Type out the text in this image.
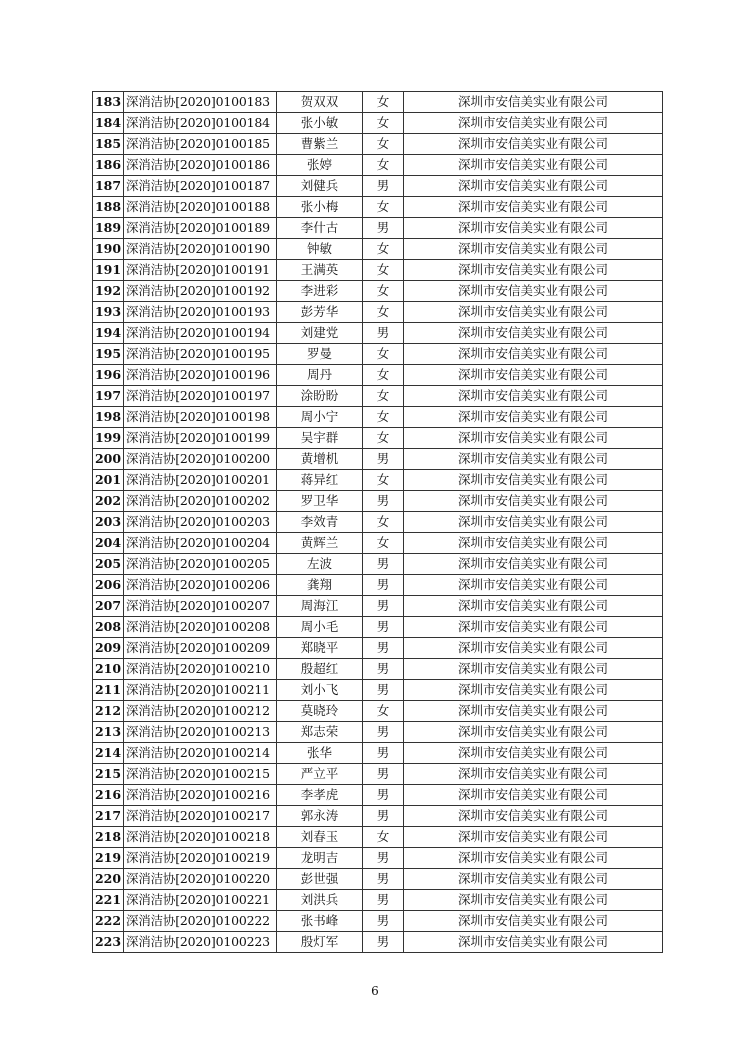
183	深消洁协[2020]0100183	贺双双	女	深圳市安信美实业有限公司
184	深消洁协[2020]0100184	张小敏	女	深圳市安信美实业有限公司
185	深消洁协[2020]0100185	曹紫兰	女	深圳市安信美实业有限公司
186	深消洁协[2020]0100186	张婷	女	深圳市安信美实业有限公司
187	深消洁协[2020]0100187	刘健兵	男	深圳市安信美实业有限公司
188	深消洁协[2020]0100188	张小梅	女	深圳市安信美实业有限公司
189	深消洁协[2020]0100189	李什古	男	深圳市安信美实业有限公司
190	深消洁协[2020]0100190	钟敏	女	深圳市安信美实业有限公司
191	深消洁协[2020]0100191	王满英	女	深圳市安信美实业有限公司
192	深消洁协[2020]0100192	李进彩	女	深圳市安信美实业有限公司
193	深消洁协[2020]0100193	彭芳华	女	深圳市安信美实业有限公司
194	深消洁协[2020]0100194	刘建党	男	深圳市安信美实业有限公司
195	深消洁协[2020]0100195	罗曼	女	深圳市安信美实业有限公司
196	深消洁协[2020]0100196	周丹	女	深圳市安信美实业有限公司
197	深消洁协[2020]0100197	涂盼盼	女	深圳市安信美实业有限公司
198	深消洁协[2020]0100198	周小宁	女	深圳市安信美实业有限公司
199	深消洁协[2020]0100199	吴宇群	女	深圳市安信美实业有限公司
200	深消洁协[2020]0100200	黄增机	男	深圳市安信美实业有限公司
201	深消洁协[2020]0100201	蒋异红	女	深圳市安信美实业有限公司
202	深消洁协[2020]0100202	罗卫华	男	深圳市安信美实业有限公司
203	深消洁协[2020]0100203	李效青	女	深圳市安信美实业有限公司
204	深消洁协[2020]0100204	黄辉兰	女	深圳市安信美实业有限公司
205	深消洁协[2020]0100205	左波	男	深圳市安信美实业有限公司
206	深消洁协[2020]0100206	龚翔	男	深圳市安信美实业有限公司
207	深消洁协[2020]0100207	周海江	男	深圳市安信美实业有限公司
208	深消洁协[2020]0100208	周小毛	男	深圳市安信美实业有限公司
209	深消洁协[2020]0100209	郑晓平	男	深圳市安信美实业有限公司
210	深消洁协[2020]0100210	殷超红	男	深圳市安信美实业有限公司
211	深消洁协[2020]0100211	刘小飞	男	深圳市安信美实业有限公司
212	深消洁协[2020]0100212	莫晓玲	女	深圳市安信美实业有限公司
213	深消洁协[2020]0100213	郑志荣	男	深圳市安信美实业有限公司
214	深消洁协[2020]0100214	张华	男	深圳市安信美实业有限公司
215	深消洁协[2020]0100215	严立平	男	深圳市安信美实业有限公司
216	深消洁协[2020]0100216	李孝虎	男	深圳市安信美实业有限公司
217	深消洁协[2020]0100217	郭永涛	男	深圳市安信美实业有限公司
218	深消洁协[2020]0100218	刘春玉	女	深圳市安信美实业有限公司
219	深消洁协[2020]0100219	龙明吉	男	深圳市安信美实业有限公司
220	深消洁协[2020]0100220	彭世强	男	深圳市安信美实业有限公司
221	深消洁协[2020]0100221	刘洪兵	男	深圳市安信美实业有限公司
222	深消洁协[2020]0100222	张书峰	男	深圳市安信美实业有限公司
223	深消洁协[2020]0100223	殷灯军	男	深圳市安信美实业有限公司
6
